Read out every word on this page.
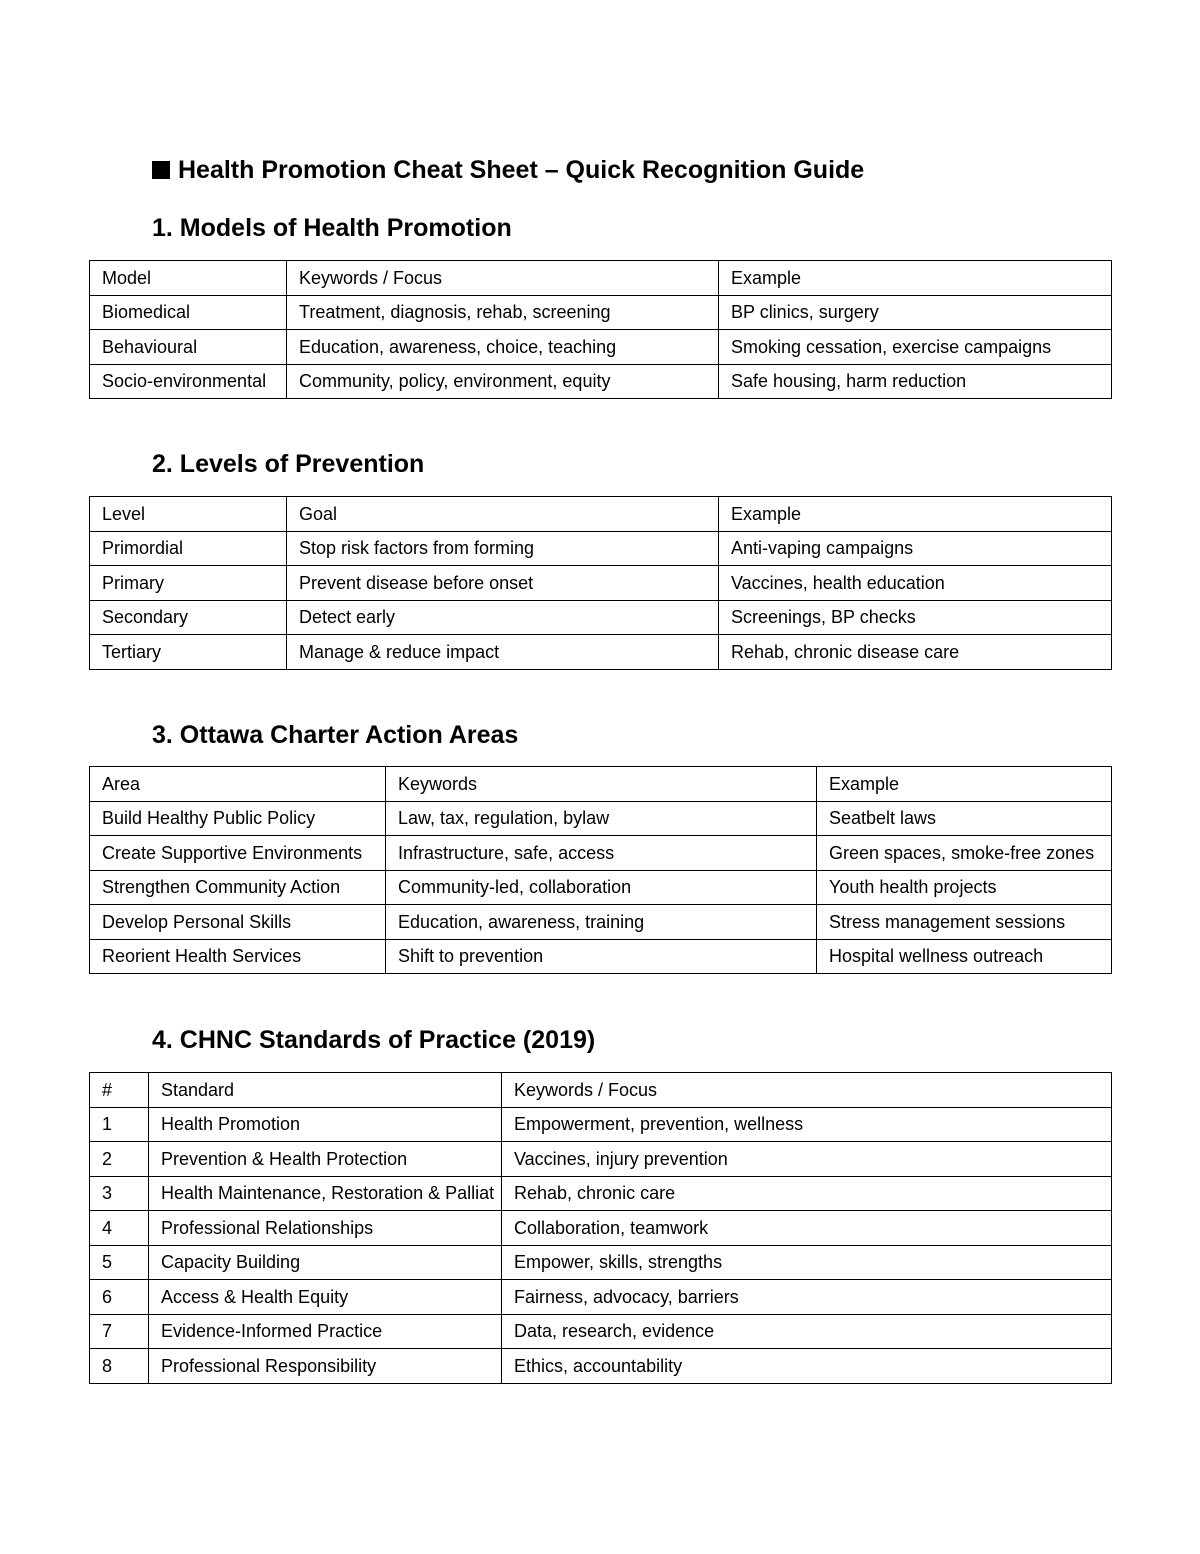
Health Promotion Cheat Sheet – Quick Recognition Guide
1. Models of Health Promotion
Model	Keywords / Focus	Example
Biomedical	Treatment, diagnosis, rehab, screening	BP clinics, surgery
Behavioural	Education, awareness, choice, teaching	Smoking cessation, exercise campaigns
Socio-environmental	Community, policy, environment, equity	Safe housing, harm reduction
2. Levels of Prevention
Level	Goal	Example
Primordial	Stop risk factors from forming	Anti-vaping campaigns
Primary	Prevent disease before onset	Vaccines, health education
Secondary	Detect early	Screenings, BP checks
Tertiary	Manage & reduce impact	Rehab, chronic disease care
3. Ottawa Charter Action Areas
Area	Keywords	Example
Build Healthy Public Policy	Law, tax, regulation, bylaw	Seatbelt laws
Create Supportive Environments	Infrastructure, safe, access	Green spaces, smoke-free zones
Strengthen Community Action	Community-led, collaboration	Youth health projects
Develop Personal Skills	Education, awareness, training	Stress management sessions
Reorient Health Services	Shift to prevention	Hospital wellness outreach
4. CHNC Standards of Practice (2019)
#	Standard	Keywords / Focus
1	Health Promotion	Empowerment, prevention, wellness
2	Prevention & Health Protection	Vaccines, injury prevention
3	Health Maintenance, Restoration & Palliat	Rehab, chronic care
4	Professional Relationships	Collaboration, teamwork
5	Capacity Building	Empower, skills, strengths
6	Access & Health Equity	Fairness, advocacy, barriers
7	Evidence-Informed Practice	Data, research, evidence
8	Professional Responsibility	Ethics, accountability
